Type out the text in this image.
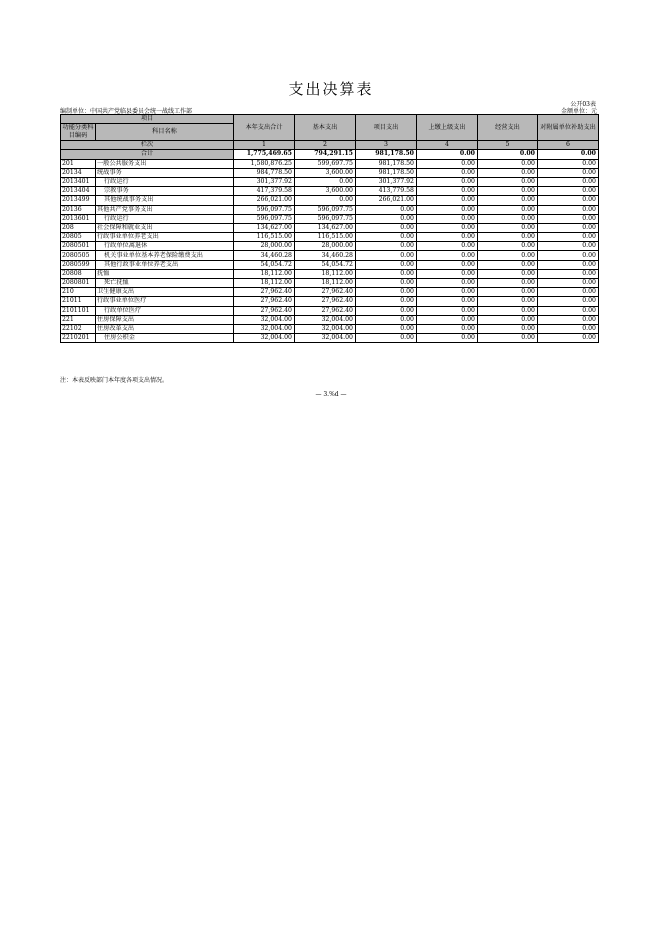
支出决算表
公开03表
编制单位：中国共产党临县委员会统一战线工作部	金额单位：元
项目		本年支出合计	基本支出	项目支出	上缴上级支出	经营支出	对附属单位补助支出
功能分类科目编码	科目名称						
栏次		1	2	3	4	5	6
合计		1,775,469.65	794,291.15	981,178.50	0.00	0.00	0.00
201	一般公共服务支出	1,580,876.25	599,697.75	981,178.50	0.00	0.00	0.00
20134	统战事务	984,778.50	3,600.00	981,178.50	0.00	0.00	0.00
2013401	行政运行	301,377.92	0.00	301,377.92	0.00	0.00	0.00
2013404	宗教事务	417,379.58	3,600.00	413,779.58	0.00	0.00	0.00
2013499	其他统战事务支出	266,021.00	0.00	266,021.00	0.00	0.00	0.00
20136	其他共产党事务支出	596,097.75	596,097.75	0.00	0.00	0.00	0.00
2013601	行政运行	596,097.75	596,097.75	0.00	0.00	0.00	0.00
208	社会保障和就业支出	134,627.00	134,627.00	0.00	0.00	0.00	0.00
20805	行政事业单位养老支出	116,515.00	116,515.00	0.00	0.00	0.00	0.00
2080501	行政单位离退休	28,000.00	28,000.00	0.00	0.00	0.00	0.00
2080505	机关事业单位基本养老保险缴费支出	34,460.28	34,460.28	0.00	0.00	0.00	0.00
2080599	其他行政事业单位养老支出	54,054.72	54,054.72	0.00	0.00	0.00	0.00
20808	抚恤	18,112.00	18,112.00	0.00	0.00	0.00	0.00
2080801	死亡抚恤	18,112.00	18,112.00	0.00	0.00	0.00	0.00
210	卫生健康支出	27,962.40	27,962.40	0.00	0.00	0.00	0.00
21011	行政事业单位医疗	27,962.40	27,962.40	0.00	0.00	0.00	0.00
2101101	行政单位医疗	27,962.40	27,962.40	0.00	0.00	0.00	0.00
221	住房保障支出	32,004.00	32,004.00	0.00	0.00	0.00	0.00
22102	住房改革支出	32,004.00	32,004.00	0.00	0.00	0.00	0.00
2210201	住房公积金	32,004.00	32,004.00	0.00	0.00	0.00	0.00
注：本表反映部门本年度各项支出情况。
— 3.%d —
